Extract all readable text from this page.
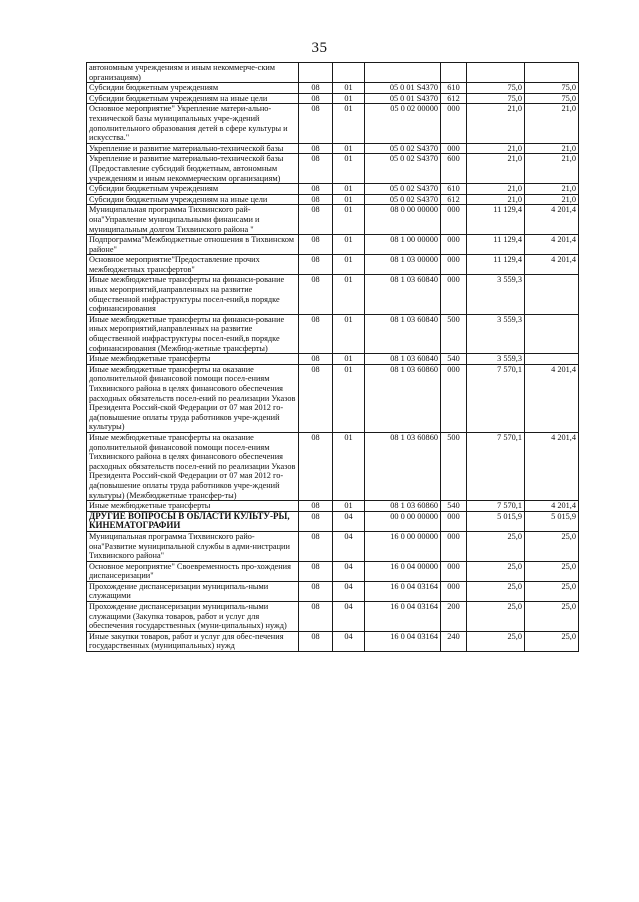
35
автономным учреждениям и иным некоммерче-ским организациям)						
Субсидии бюджетным учреждениям	08	01	05 0 01 S4370	610	75,0	75,0
Субсидии бюджетным учреждениям на иные цели	08	01	05 0 01 S4370	612	75,0	75,0
Основное мероприятие" Укрепление матери-ально-технической базы муниципальных учре-ждений дополнительного образования детей в сфере культуры и искусства."	08	01	05 0 02 00000	000	21,0	21,0
Укрепление и развитие материально-технической базы	08	01	05 0 02 S4370	000	21,0	21,0
Укрепление и развитие материально-технической базы (Предоставление субсидий бюджетным, автономным учреждениям и иным некоммерческим организациям)	08	01	05 0 02 S4370	600	21,0	21,0
Субсидии бюджетным учреждениям	08	01	05 0 02 S4370	610	21,0	21,0
Субсидии бюджетным учреждениям на иные цели	08	01	05 0 02 S4370	612	21,0	21,0
Муниципальная программа Тихвинского рай-она"Управление муниципальными финансами и муниципальным долгом Тихвинского района "	08	01	08 0 00 00000	000	11 129,4	4 201,4
Подпрограмма"Межбюджетные отношения в Тихвинском районе"	08	01	08 1 00 00000	000	11 129,4	4 201,4
Основное мероприятие"Предоставление прочих межбюджетных трансфертов"	08	01	08 1 03 00000	000	11 129,4	4 201,4
Иные межбюджетные трансферты на финанси-рование иных мероприятий,направленных на развитие общественной инфраструктуры посел-ений,в порядке софинансирования	08	01	08 1 03 60840	000	3 559,3	
Иные межбюджетные трансферты на финанси-рование иных мероприятий,направленных на развитие общественной инфраструктуры посел-ений,в порядке софинансирования (Межбюд-жетные трансферты)	08	01	08 1 03 60840	500	3 559,3	
Иные межбюджетные трансферты	08	01	08 1 03 60840	540	3 559,3	
Иные межбюджетные трансферты на оказание дополнительной финансовой помощи посел-ениям Тихвинского района в целях финансового обеспечения расходных обязательств посел-ений по реализации Указов Президента Россий-ской Федерации от 07 мая 2012 го-да(повышение оплаты труда работников учре-ждений культуры)	08	01	08 1 03 60860	000	7 570,1	4 201,4
Иные межбюджетные трансферты на оказание дополнительной финансовой помощи посел-ениям Тихвинского района в целях финансового обеспечения расходных обязательств посел-ений по реализации Указов Президента Россий-ской Федерации от 07 мая 2012 го-да(повышение оплаты труда работников учре-ждений культуры) (Межбюджетные трансфер-ты)	08	01	08 1 03 60860	500	7 570,1	4 201,4
Иные межбюджетные трансферты	08	01	08 1 03 60860	540	7 570,1	4 201,4
ДРУГИЕ ВОПРОСЫ В ОБЛАСТИ КУЛЬТУ-РЫ, КИНЕМАТОГРАФИИ	08	04	00 0 00 00000	000	5 015,9	5 015,9
Муниципальная программа Тихвинского райо-она"Развитие муниципальной службы в адми-нистрации Тихвинского района"	08	04	16 0 00 00000	000	25,0	25,0
Основное мероприятие" Своевременность про-хождения диспансеризации"	08	04	16 0 04 00000	000	25,0	25,0
Прохождение диспансеризации муниципаль-ными служащими	08	04	16 0 04 03164	000	25,0	25,0
Прохождение диспансеризации муниципаль-ными служащими (Закупка товаров, работ и услуг для обеспечения государственных (муни-ципальных) нужд)	08	04	16 0 04 03164	200	25,0	25,0
Иные закупки товаров, работ и услуг для обес-печения государственных (муниципальных) нужд	08	04	16 0 04 03164	240	25,0	25,0
